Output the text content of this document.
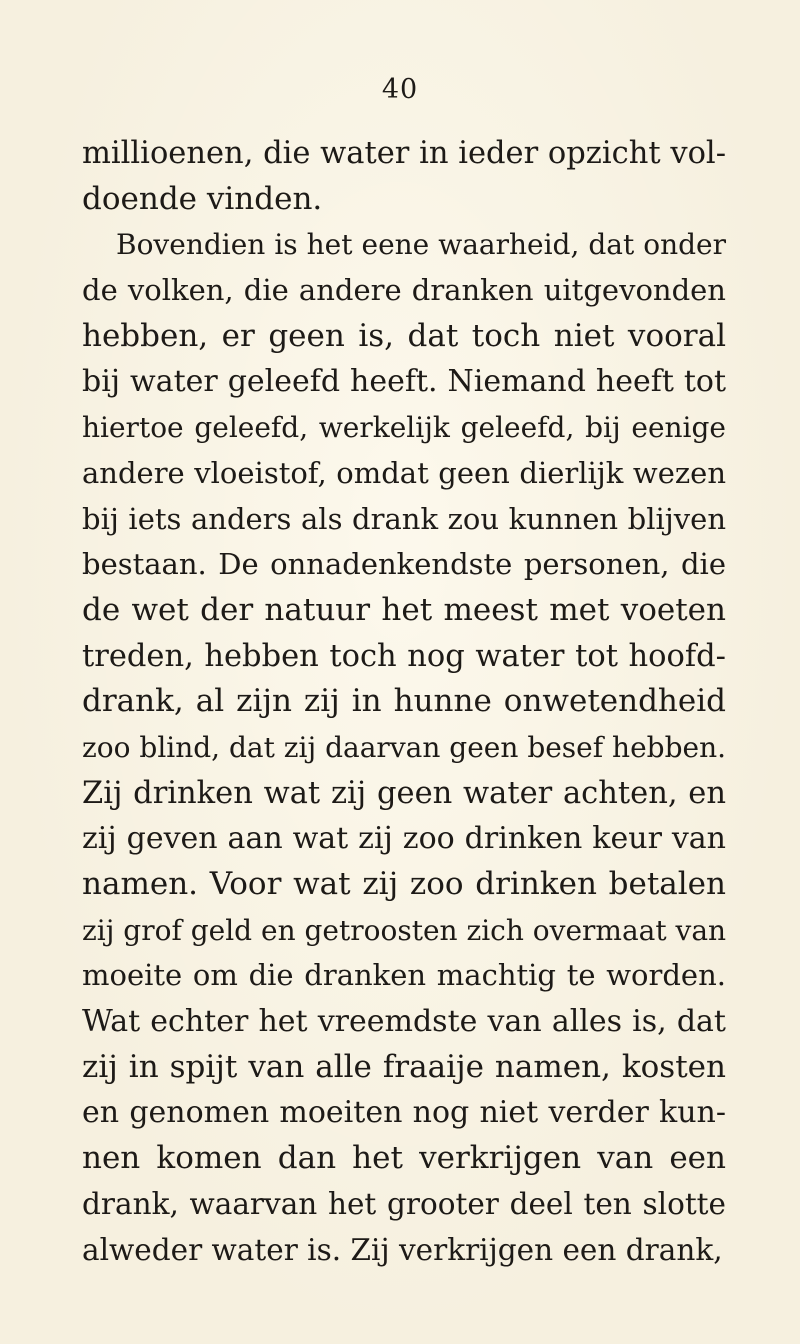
40
millioenen, die water in ieder opzicht vol-
doende vinden.
Bovendien is het eene waarheid, dat onder
de volken, die andere dranken uitgevonden
hebben, er geen is, dat toch niet vooral
bij water geleefd heeft. Niemand heeft tot
hiertoe geleefd, werkelijk geleefd, bij eenige
andere vloeistof, omdat geen dierlijk wezen
bij iets anders als drank zou kunnen blijven
bestaan. De onnadenkendste personen, die
de wet der natuur het meest met voeten
treden, hebben toch nog water tot hoofd-
drank, al zijn zij in hunne onwetendheid
zoo blind, dat zij daarvan geen besef hebben.
Zij drinken wat zij geen water achten, en
zij geven aan wat zij zoo drinken keur van
namen. Voor wat zij zoo drinken betalen
zij grof geld en getroosten zich overmaat van
moeite om die dranken machtig te worden.
Wat echter het vreemdste van alles is, dat
zij in spijt van alle fraaije namen, kosten
en genomen moeiten nog niet verder kun-
nen komen dan het verkrijgen van een
drank, waarvan het grooter deel ten slotte
alweder water is. Zij verkrijgen een drank,
